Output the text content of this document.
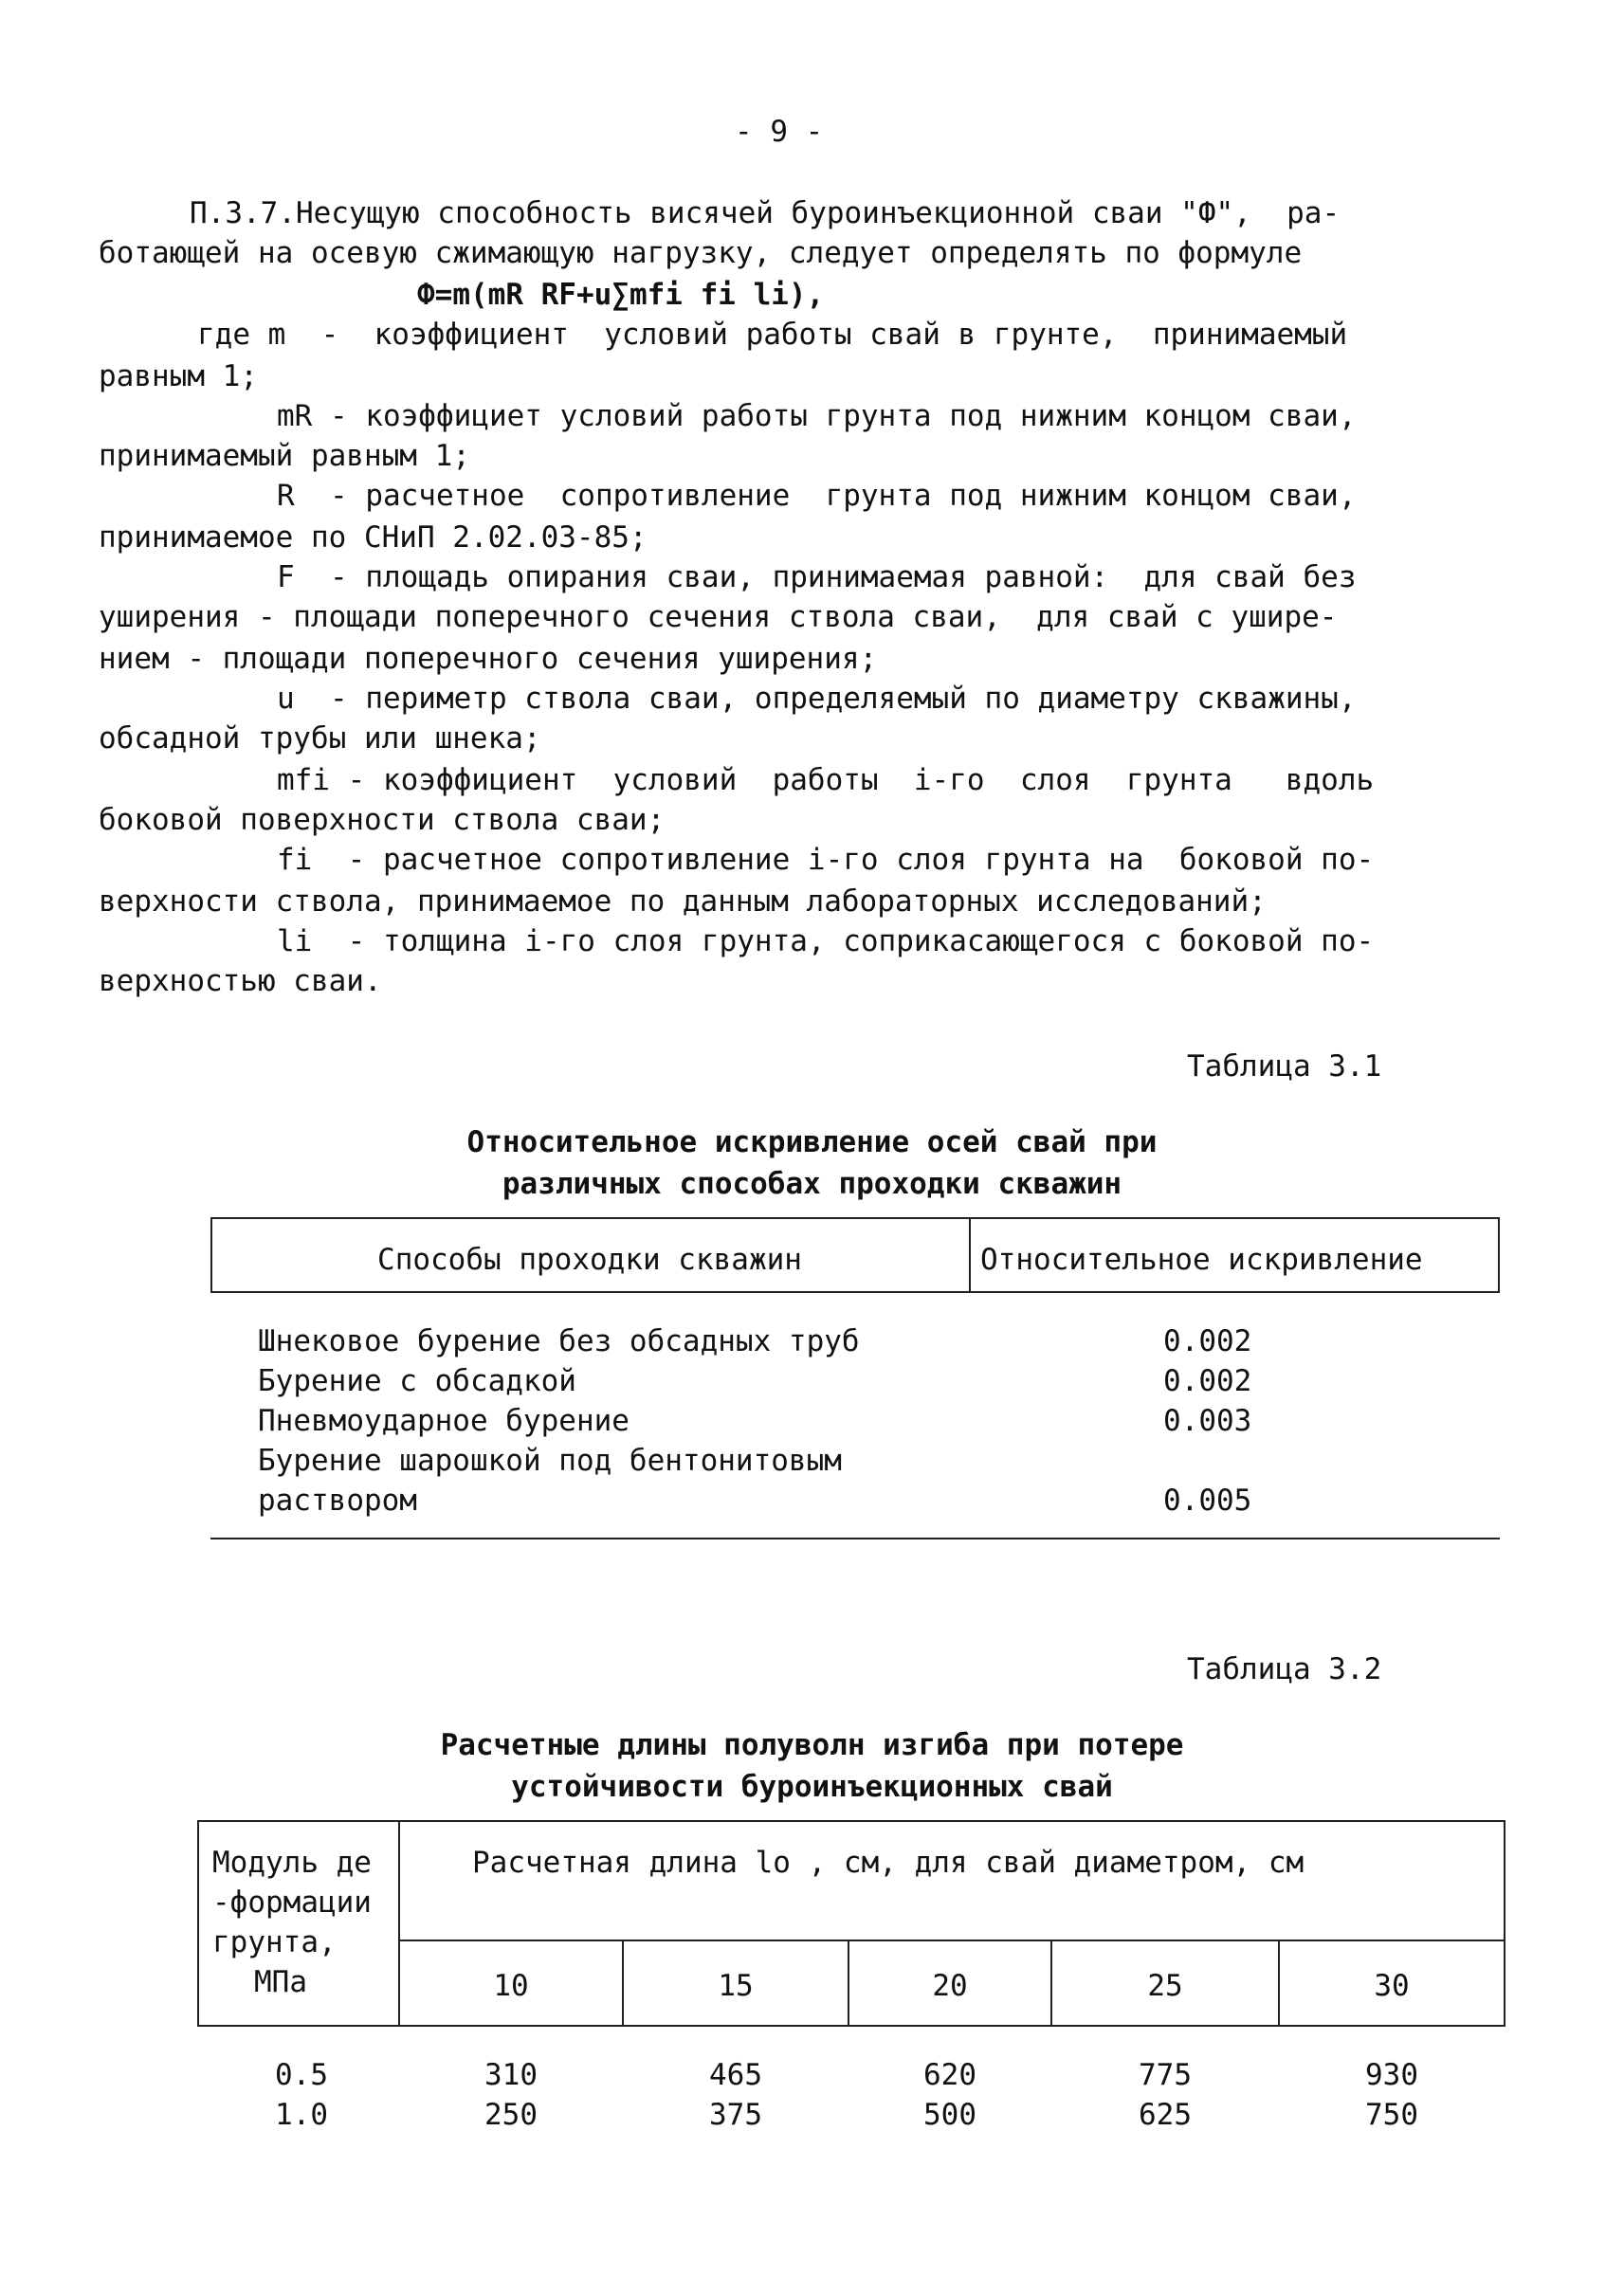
- 9 -
П.3.7.Несущую способность висячей буроинъекционной сваи "Ф",  ра-
ботающей на осевую сжимающую нагрузку, следует определять по формуле
Ф=m(mR RF+u∑mfi fi li),
где m  -  коэффициент  условий работы свай в грунте,  принимаемый
равным 1;
mR - коэффициет условий работы грунта под нижним концом сваи,
принимаемый равным 1;
R  - расчетное  сопротивление  грунта под нижним концом сваи,
принимаемое по СНиП 2.02.03-85;
F  - площадь опирания сваи, принимаемая равной:  для свай без
уширения - площади поперечного сечения ствола сваи,  для свай с ушире-
нием - площади поперечного сечения уширения;
u  - периметр ствола сваи, определяемый по диаметру скважины,
обсадной трубы или шнека;
mfi - коэффициент  условий  работы  i-го  слоя  грунта   вдоль
боковой поверхности ствола сваи;
fi  - расчетное сопротивление i-го слоя грунта на  боковой по-
верхности ствола, принимаемое по данным лабораторных исследований;
li  - толщина i-го слоя грунта, соприкасающегося с боковой по-
верхностью сваи.
Таблица 3.1
Относительное искривление осей свай при
различных способах проходки скважин
Способы проходки скважин	Относительное искривление
Шнековое бурение без обсадных труб	0.002
Бурение с обсадкой	0.002
Пневмоударное бурение	0.003
Бурение шарошкой под бентонитовым
раствором	0.005
Таблица 3.2
Расчетные длины полуволн изгиба при потере
устойчивости буроинъекционных свай
Модуль де
-формации
грунта,
МПа
Расчетная длина lo , см, для свай диаметром, см
10	15	20	25	30
0.5	310	465	620	775	930
1.0	250	375	500	625	750
